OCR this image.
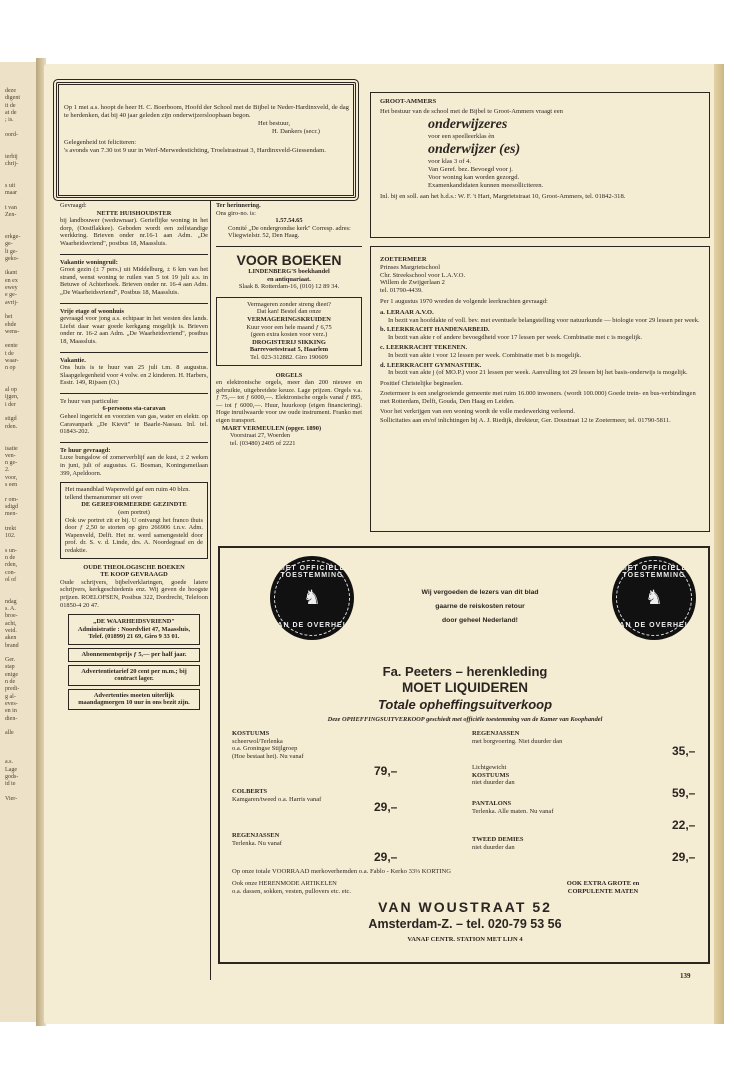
deze
digent
it de
at de
; is.

oord-

ierbij
chrij-

s uit
maar

t van
Zen-

erkge-
ge-
lt ge-
geko-

ikant
en ex
ewey
e ge-
avrij-

het
ehde
wens-

eente
t de
waar-
n op

al op
ijgen,
i der

stigd
rden.

isatie
ven-
n ge-
2.
voor,
s een

r om-
sdigd
men-

trekt
102.

s un-
n de
rden,
con-
ol of

ndag
s. A.
broe-
acht,
veid.
aken
brand

Ger.
stap
enige
n de
predi-
g al-
eves-
en in
dien-

alle

a.s.
Lage
gods-
id te

Vier-

Op 1 mei a.s. hoopt de heer H. C. Boerboom, Hoofd der School met de Bijbel te Neder-Hardinxveld, de dag te herdenken, dat bij 40 jaar geleden zijn onderwijzersloopbaan begon.

Het bestuur,

H. Dankers (secr.)

Gelegenheid tot feliciteren:

's avonds van 7.30 tot 9 uur in Werf-Merwedestichting, Troelstrastraat 3, Hardinxveld-Giessendam.

Gevraagd:

NETTE HUISHOUDSTER

bij landbouwer (weduwnaar). Gerieflijke woning in het dorp, (Oostflakkee). Geboden wordt een zelfstandige werkkring. Brieven onder nr.16-1 aan Adm. „De Waarheidsvriend", postbus 18, Maassluis.

Vakantie woningruil:

Groot gezin (± 7 pers.) uit Middelburg, ± 6 km van het strand, wenst woning te ruilen van 5 tot 19 juli a.s. in Betuwe of Achterhoek. Brieven onder nr. 16-4 aan Adm. „De Waarheidsvriend", Postbus 18, Maassluis.

Vrije etage of woonhuis

gevraagd voor jong a.s. echtpaar in het westen des lands. Liefst daar waar goede kerkgang mogelijk is. Brieven onder nr. 16-2 aan Adm. „De Waarheidsvriend", postbus 18, Maassluis.

Vakantie.

Ons huis is te huur van 25 juli t.m. 8 augustus. Slaapgelegenheid voor 4 volw. en 2 kinderen. H. Harbers, Esstr. 149, Rijssen (O.)

Te huur van particulier

6-persoons sta-caravan

Geheel ingericht en voorzien van gas, water en elektr. op Caravanpark „De Kievit" te Baarle-Nassau. Inl. tel. 01843-202.

Te huur gevraagd:

Luxe bungalow of zomerverblijf aan de kust, ± 2 weken in juni, juli of augustus. G. Bosman, Koningsmeilaan 399, Apeldoorn.

Het maandblad Wapenveld gaf een ruim 40 blzn. tellend themanummer uit over

DE GEREFORMEERDE GEZINDTE

(een portret)

Ook uw portret zit er bij. U ontvangt het franco thuis door ƒ 2,50 te storten op giro 266906 t.n.v. Adm. Wapenveld, Delft. Het nr. werd samengesteld door prof. dr. S. v. d. Linde, drs. A. Noordegraaf en de redaktie.

OUDE THEOLOGISCHE BOEKEN

TE KOOP GEVRAAGD

Oude schrijvers, bijbelverklaringen, goede latere schrijvers, kerkgeschiedenis enz. Wij geven de hoogste prijzen. ROELOFSEN, Postbus 322, Dordrecht, Telefoon 01850-4 20 47.

„DE WAARHEIDSVRIEND"

Administratie : Noordvliet 47, Maassluis, Telef. (01899) 21 69, Giro 9 33 01.

Abonnementsprijs ƒ 5,— per half jaar.

Advertentietarief 20 cent per m.m.; bij contract lager.

Advertenties moeten uiterlijk maandagmorgen 10 uur in ons bezit zijn.

Ter herinnering.

Ons giro-no. is:

1.57.54.65

Comité „De ondergrondse kerk" Corresp. adres: Vliegwielstr. 52, Den Haag.

VOOR BOEKEN

LINDENBERG'S boekhandel

en antiquariaat.

Slaak 8. Rotterdam-16, (010) 12 89 34.

Vermageren zonder streng dieet?

Dat kan! Bestel dan onze

VERMAGERINGSKRUIDEN

Kuur voor een hele maand ƒ 6,75

(geen extra kosten voor verz.)

DROGISTERIJ SIKKING

Barrevoetestraat 5, Haarlem

Tel. 023-312882. Giro 190609

ORGELS

en elektronische orgels, meer dan 200 nieuwe en gebruikte, uitgebreidste keuze. Lage prijzen. Orgels v.a. ƒ 75,— tot ƒ 6000,—. Elektronische orgels vanaf ƒ 895,— tot ƒ 6000,—. Huur, huurkoop (eigen financiering). Hoge inruilwaarde voor uw oude instrument. Franko met eigen transport.

MART VERMEULEN (opger. 1890)

Voorstraat 27, Woerden

tel. (03480) 2405 of 2221

GROOT-AMMERS

Het bestuur van de school met de Bijbel te Groot-Ammers vraagt een

onderwijzeres

voor een speelleerklas èn

onderwijzer (es)

voor klas 3 of 4.

Van Geref. bez. Bevoegd voor j.

Voor woning kan worden gezorgd.

Examenkandidaten kunnen meesolliciteren.

Inl. bij en soll. aan het h.d.s.: W. F. 't Hart, Margrietstraat 10, Groot-Ammers, tel. 01842-318.

ZOETERMEER

Prinses Margrietschool

Chr. Streekschool voor L.A.V.O.

Willem de Zwijgerlaan 2

tel. 01790-4439.

Per 1 augustus 1970 worden de volgende leerkrachten gevraagd:

a. LERAAR A.V.O.

In bezit van hoofdakte of voll. bev. met eventuele belangstelling voor natuurkunde — biologie voor 29 lessen per week.

b. LEERKRACHT HANDENARBEID.

In bezit van akte r of andere bevoegdheid voor 17 lessen per week. Combinatie met c is mogelijk.

c. LEERKRACHT TEKENEN.

In bezit van akte i voor 12 lessen per week. Combinatie met b is mogelijk.

d. LEERKRACHT GYMNASTIEK.

In bezit van akte j (of MO.P.) voor 21 lessen per week. Aanvulling tot 29 lessen bij het basis-onderwijs is mogelijk.

Positief Christelijke beginselen.

Zoetermeer is een snelgroeiende gemeente met ruim 16.000 inwoners. (wordt 100.000) Goede trein- en bus-verbindingen met Rotterdam, Delft, Gouda, Den Haag en Leiden.

Voor het verkrijgen van een woning wordt de volle medewerking verleend.

Sollicitaties aan en/of inlichtingen bij A. J. Riedijk, direkteur, Ger. Doustraat 12 te Zoetermeer, tel. 01790-5811.

MET OFFICIËLE TOESTEMMING
♞
VAN DE OVERHEID
MET OFFICIËLE TOESTEMMING
♞
VAN DE OVERHEID

Wij vergoeden de lezers van dit blad

gaarne de reiskosten retour

door geheel Nederland!

Fa. Peeters – herenkleding
MOET LIQUIDEREN
Totale opheffingsuitverkoop
Deze OPHEFFINGSUITVERKOOP geschiedt met officiële toestemming van de Kamer van Koophandel

KOSTUUMS

scheerwol/Terlenka

o.a. Groningse Stijlgroep

(Hoe bestaat het). Nu vanaf

79,–

REGENJASSEN

met borgvoering. Niet duurder dan

35,–

Lichtgewicht

KOSTUUMS

niet duurder dan

59,–

COLBERTS

Kamgaren/tweed o.a. Harris vanaf

29,–	PANTALONS

Terlenka. Alle maten. Nu vanaf

22,–

REGENJASSEN

Terlenka. Nu vanaf

29,–

TWEED DEMIES

niet duurder dan

29,–
Op onze totale VOORRAAD merkoverhemden o.a. Fablo - Kerko 33⅓ KORTING

Ook onze HERENMODE ARTIKELEN

o.a. dassen, sokken, vesten, pullovers etc. etc.

OOK EXTRA GROTE en

CORPULENTE MATEN

VAN WOUSTRAAT 52
Amsterdam-Z. – tel. 020-79 53 56
VANAF CENTR. STATION MET LIJN 4
139
